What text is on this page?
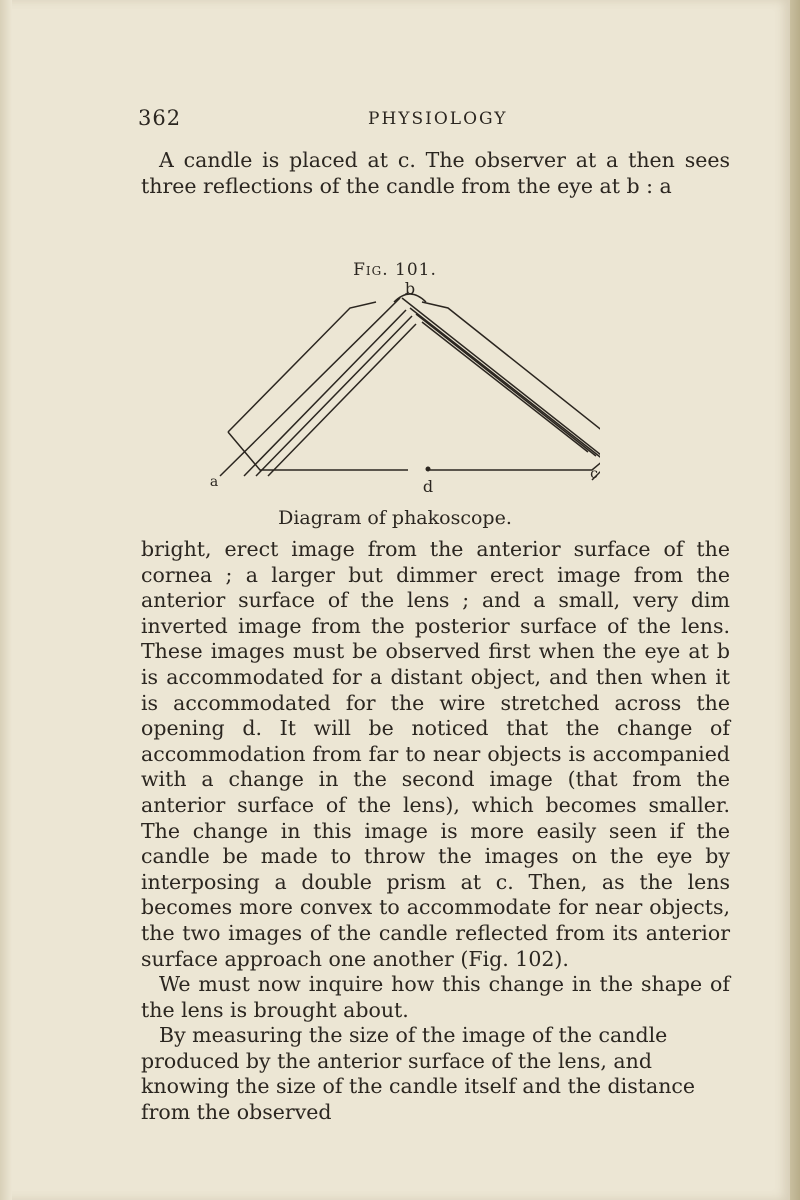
362	PHYSIOLOGY
A candle is placed at c. The observer at a then sees three reflections of the candle from the eye at b : a
Fig. 101.
b
a	c
d
Diagram of phakoscope.

bright, erect image from the anterior surface of the cornea ; a larger but dimmer erect image from the anterior surface of the lens ; and a small, very dim inverted image from the posterior surface of the lens. These images must be observed first when the eye at b is accommodated for a distant object, and then when it is accommodated for the wire stretched across the opening d. It will be noticed that the change of accommodation from far to near objects is accompanied with a change in the second image (that from the anterior surface of the lens), which becomes smaller. The change in this image is more easily seen if the candle be made to throw the images on the eye by interposing a double prism at c. Then, as the lens becomes more convex to accommodate for near objects, the two images of the candle reflected from its anterior surface approach one another (Fig. 102).

We must now inquire how this change in the shape of the lens is brought about.

By measuring the size of the image of the candle produced by the anterior surface of the lens, and knowing the size of the candle itself and the distance from the observed
